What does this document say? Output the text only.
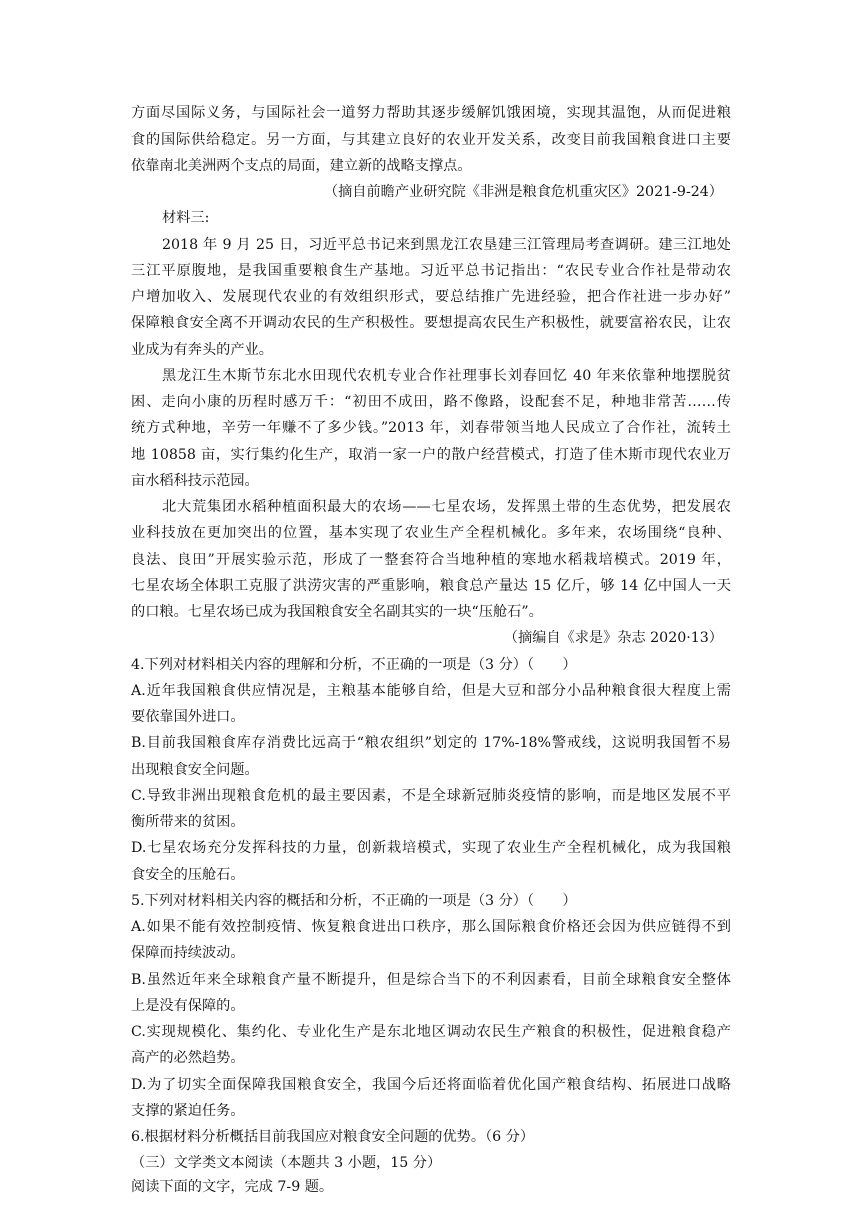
方面尽国际义务，与国际社会一道努力帮助其逐步缓解饥饿困境，实现其温饱，从而促进粮
食的国际供给稳定。另一方面，与其建立良好的农业开发关系，改变目前我国粮食进口主要
依靠南北美洲两个支点的局面，建立新的战略支撑点。
（摘自前瞻产业研究院《非洲是粮食危机重灾区》2021-9-24）
材料三:
2018 年 9 月 25 日，习近平总书记来到黑龙江农垦建三江管理局考查调研。建三江地处
三江平原腹地，是我国重要粮食生产基地。习近平总书记指出：“农民专业合作社是带动农
户增加收入、发展现代农业的有效组织形式，要总结推广先进经验，把合作社进一步办好”
保障粮食安全离不开调动农民的生产积极性。要想提高农民生产积极性，就要富裕农民，让农
业成为有奔头的产业。
黑龙江生木斯节东北水田现代农机专业合作社理事长刘春回忆 40 年来依靠种地摆脱贫
困、走向小康的历程时感万千：“初田不成田，路不像路，设配套不足，种地非常苦……传
统方式种地，辛劳一年赚不了多少钱。”2013 年，刘春带领当地人民成立了合作社，流转土
地 10858 亩，实行集约化生产，取消一家一户的散户经营模式，打造了佳木斯市现代农业万
亩水稻科技示范园。
北大荒集团水稻种植面积最大的农场——七星农场，发挥黑土带的生态优势，把发展农
业科技放在更加突出的位置，基本实现了农业生产全程机械化。多年来，农场围绕“良种、
良法、良田”开展实验示范，形成了一整套符合当地种植的寒地水稻栽培模式。2019 年，
七星农场全体职工克服了洪涝灾害的严重影响，粮食总产量达 15 亿斤，够 14 亿中国人一天
的口粮。七星农场已成为我国粮食安全名副其实的一块“压舱石”。
（摘编自《求是》杂志 2020·13）
4.下列对材料相关内容的理解和分析，不正确的一项是（3 分）（　　）
A.近年我国粮食供应情况是，主粮基本能够自给，但是大豆和部分小品种粮食很大程度上需
要依靠国外进口。
B.目前我国粮食库存消费比远高于“粮农组织”划定的 17%-18%警戒线，这说明我国暂不易
出现粮食安全问题。
C.导致非洲出现粮食危机的最主要因素，不是全球新冠肺炎疫情的影响，而是地区发展不平
衡所带来的贫困。
D.七星农场充分发挥科技的力量，创新栽培模式，实现了农业生产全程机械化，成为我国粮
食安全的压舱石。
5.下列对材料相关内容的概括和分析，不正确的一项是（3 分）（　　）
A.如果不能有效控制疫情、恢复粮食进出口秩序，那么国际粮食价格还会因为供应链得不到
保障而持续波动。
B.虽然近年来全球粮食产量不断提升，但是综合当下的不利因素看，目前全球粮食安全整体
上是没有保障的。
C.实现规模化、集约化、专业化生产是东北地区调动农民生产粮食的积极性，促进粮食稳产
高产的必然趋势。
D.为了切实全面保障我国粮食安全，我国今后还将面临着优化国产粮食结构、拓展进口战略
支撑的紧迫任务。
6.根据材料分析概括目前我国应对粮食安全问题的优势。（6 分）
（三）文学类文本阅读（本题共 3 小题，15 分）
阅读下面的文字，完成 7-9 题。
